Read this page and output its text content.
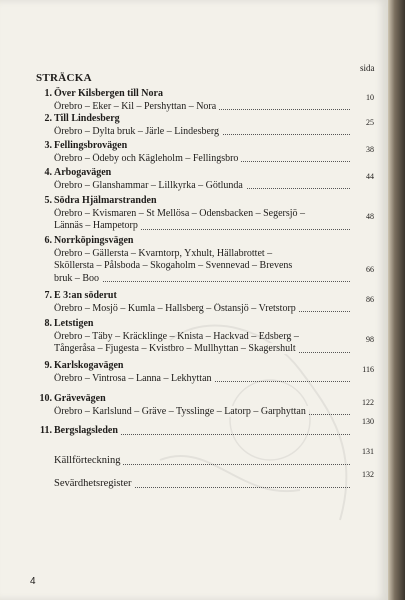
sida
STRÄCKA
1. Över Kilsbergen till Nora
Örebro – Eker – Kil – Pershyttan – Nora
10
2. Till Lindesberg
Örebro – Dylta bruk – Järle – Lindesberg
25
3. Fellingsbrovägen
Örebro – Ödeby och Kägleholm – Fellingsbro
38
4. Arbogavägen
Örebro – Glanshammar – Lillkyrka – Götlunda
44
5. Södra Hjälmarstranden
Örebro – Kvismaren – St Mellösa – Odensbacken – Segersjö –
Lännäs – Hampetorp
48
6. Norrköpingsvägen
Örebro – Gällersta – Kvarntorp, Yxhult, Hällabrottet –
Sköllersta – Pålsboda – Skogaholm – Svennevad – Brevens
bruk – Boo
66
7. E 3:an söderut
Örebro – Mosjö – Kumla – Hallsberg – Östansjö – Vretstorp
86
8. Letstigen
Örebro – Täby – Kräcklinge – Knista – Hackvad – Edsberg –
Tångeråsa – Fjugesta – Kvistbro – Mullhyttan – Skagershult
98
9. Karlskogavägen
Örebro – Vintrosa – Lanna – Lekhyttan
116
10. Grävevägen
Örebro – Karlslund – Gräve – Tysslinge – Latorp – Garphyttan
122
11. Bergslagsleden
130
Källförteckning
131
Sevärdhetsregister
132
4
